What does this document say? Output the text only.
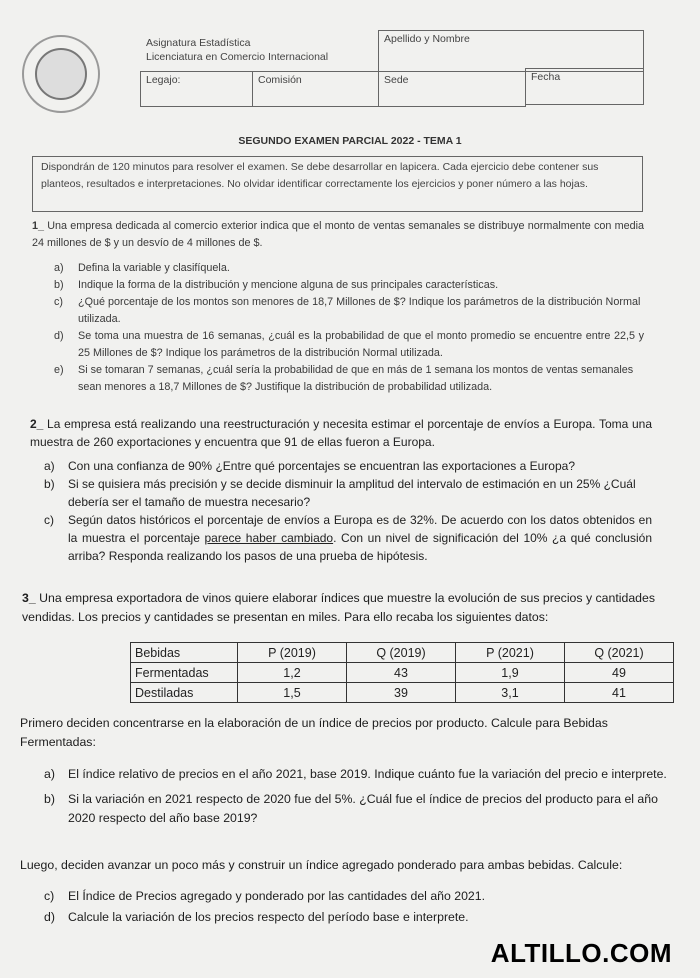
Asignatura Estadística
Licenciatura en Comercio Internacional
Apellido y Nombre
Legajo:	Comisión	Sede	Fecha
SEGUNDO EXAMEN PARCIAL 2022 - TEMA 1
Dispondrán de 120 minutos para resolver el examen. Se debe desarrollar en lapicera. Cada ejercicio debe contener sus planteos, resultados e interpretaciones. No olvidar identificar correctamente los ejercicios y poner número a las hojas.

1_ Una empresa dedicada al comercio exterior indica que el monto de ventas semanales se distribuye normalmente con media 24 millones de $ y un desvío de 4 millones de $.

a)	Defina la variable y clasifíquela.
b)	Indique la forma de la distribución y mencione alguna de sus principales características.
c)	¿Qué porcentaje de los montos son menores de 18,7 Millones de $? Indique los parámetros de la distribución Normal utilizada.
d)	Se toma una muestra de 16 semanas, ¿cuál es la probabilidad de que el monto promedio se encuentre entre 22,5 y 25 Millones de $? Indique los parámetros de la distribución Normal utilizada.
e)	Si se tomaran 7 semanas, ¿cuál sería la probabilidad de que en más de 1 semana los montos de ventas semanales sean menores a 18,7 Millones de $? Justifique la distribución de probabilidad utilizada.

2_ La empresa está realizando una reestructuración y necesita estimar el porcentaje de envíos a Europa. Toma una muestra de 260 exportaciones y encuentra que 91 de ellas fueron a Europa.

a)	Con una confianza de 90% ¿Entre qué porcentajes se encuentran las exportaciones a Europa?
b)	Si se quisiera más precisión y se decide disminuir la amplitud del intervalo de estimación en un 25% ¿Cuál debería ser el tamaño de muestra necesario?
c)	Según datos históricos el porcentaje de envíos a Europa es de 32%. De acuerdo con los datos obtenidos en la muestra el porcentaje parece haber cambiado. Con un nivel de significación del 10% ¿a qué conclusión arriba? Responda realizando los pasos de una prueba de hipótesis.

3_ Una empresa exportadora de vinos quiere elaborar índices que muestre la evolución de sus precios y cantidades vendidas. Los precios y cantidades se presentan en miles. Para ello recaba los siguientes datos:

Bebidas	P (2019)	Q (2019)	P (2021)	Q (2021)
Fermentadas	1,2	43	1,9	49
Destiladas	1,5	39	3,1	41
Primero deciden concentrarse en la elaboración de un índice de precios por producto. Calcule para Bebidas Fermentadas:
a)	El índice relativo de precios en el año 2021, base 2019. Indique cuánto fue la variación del precio e interprete.
b)	Si la variación en 2021 respecto de 2020 fue del 5%. ¿Cuál fue el índice de precios del producto para el año 2020 respecto del año base 2019?
Luego, deciden avanzar un poco más y construir un índice agregado ponderado para ambas bebidas. Calcule:
c)	El Índice de Precios agregado y ponderado por las cantidades del año 2021.
d)	Calcule la variación de los precios respecto del período base e interprete.
ALTILLO.COM
